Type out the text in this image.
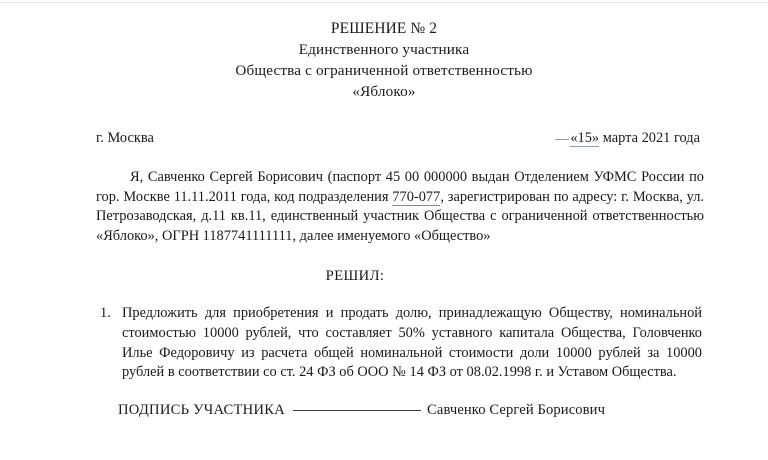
РЕШЕНИЕ № 2
Единственного участника
Общества с ограниченной ответственностью
«Яблоко»
г. Москва	«15» марта 2021 года

Я, Савченко Сергей Борисович (паспорт 45 00 000000 выдан Отделением УФМС России по гор. Москве 11.11.2011 года, код подразделения 770-077, зарегистрирован по адресу: г. Москва, ул. Петрозаводская, д.11 кв.11, единственный участник Общества с ограниченной ответственностью «Яблоко», ОГРН 1187741111111, далее именуемого «Общество»

РЕШИЛ:
1. Предложить для приобретения и продать долю, принадлежащую Обществу, номинальной стоимостью 10000 рублей, что составляет 50% уставного капитала Общества, Головченко Илье Федоровичу из расчета общей номинальной стоимости доли 10000 рублей за 10000 рублей в соответствии со ст. 24 ФЗ об ООО № 14 ФЗ от 08.02.1998 г. и Уставом Общества.
ПОДПИСЬ УЧАСТНИКА	Савченко Сергей Борисович
